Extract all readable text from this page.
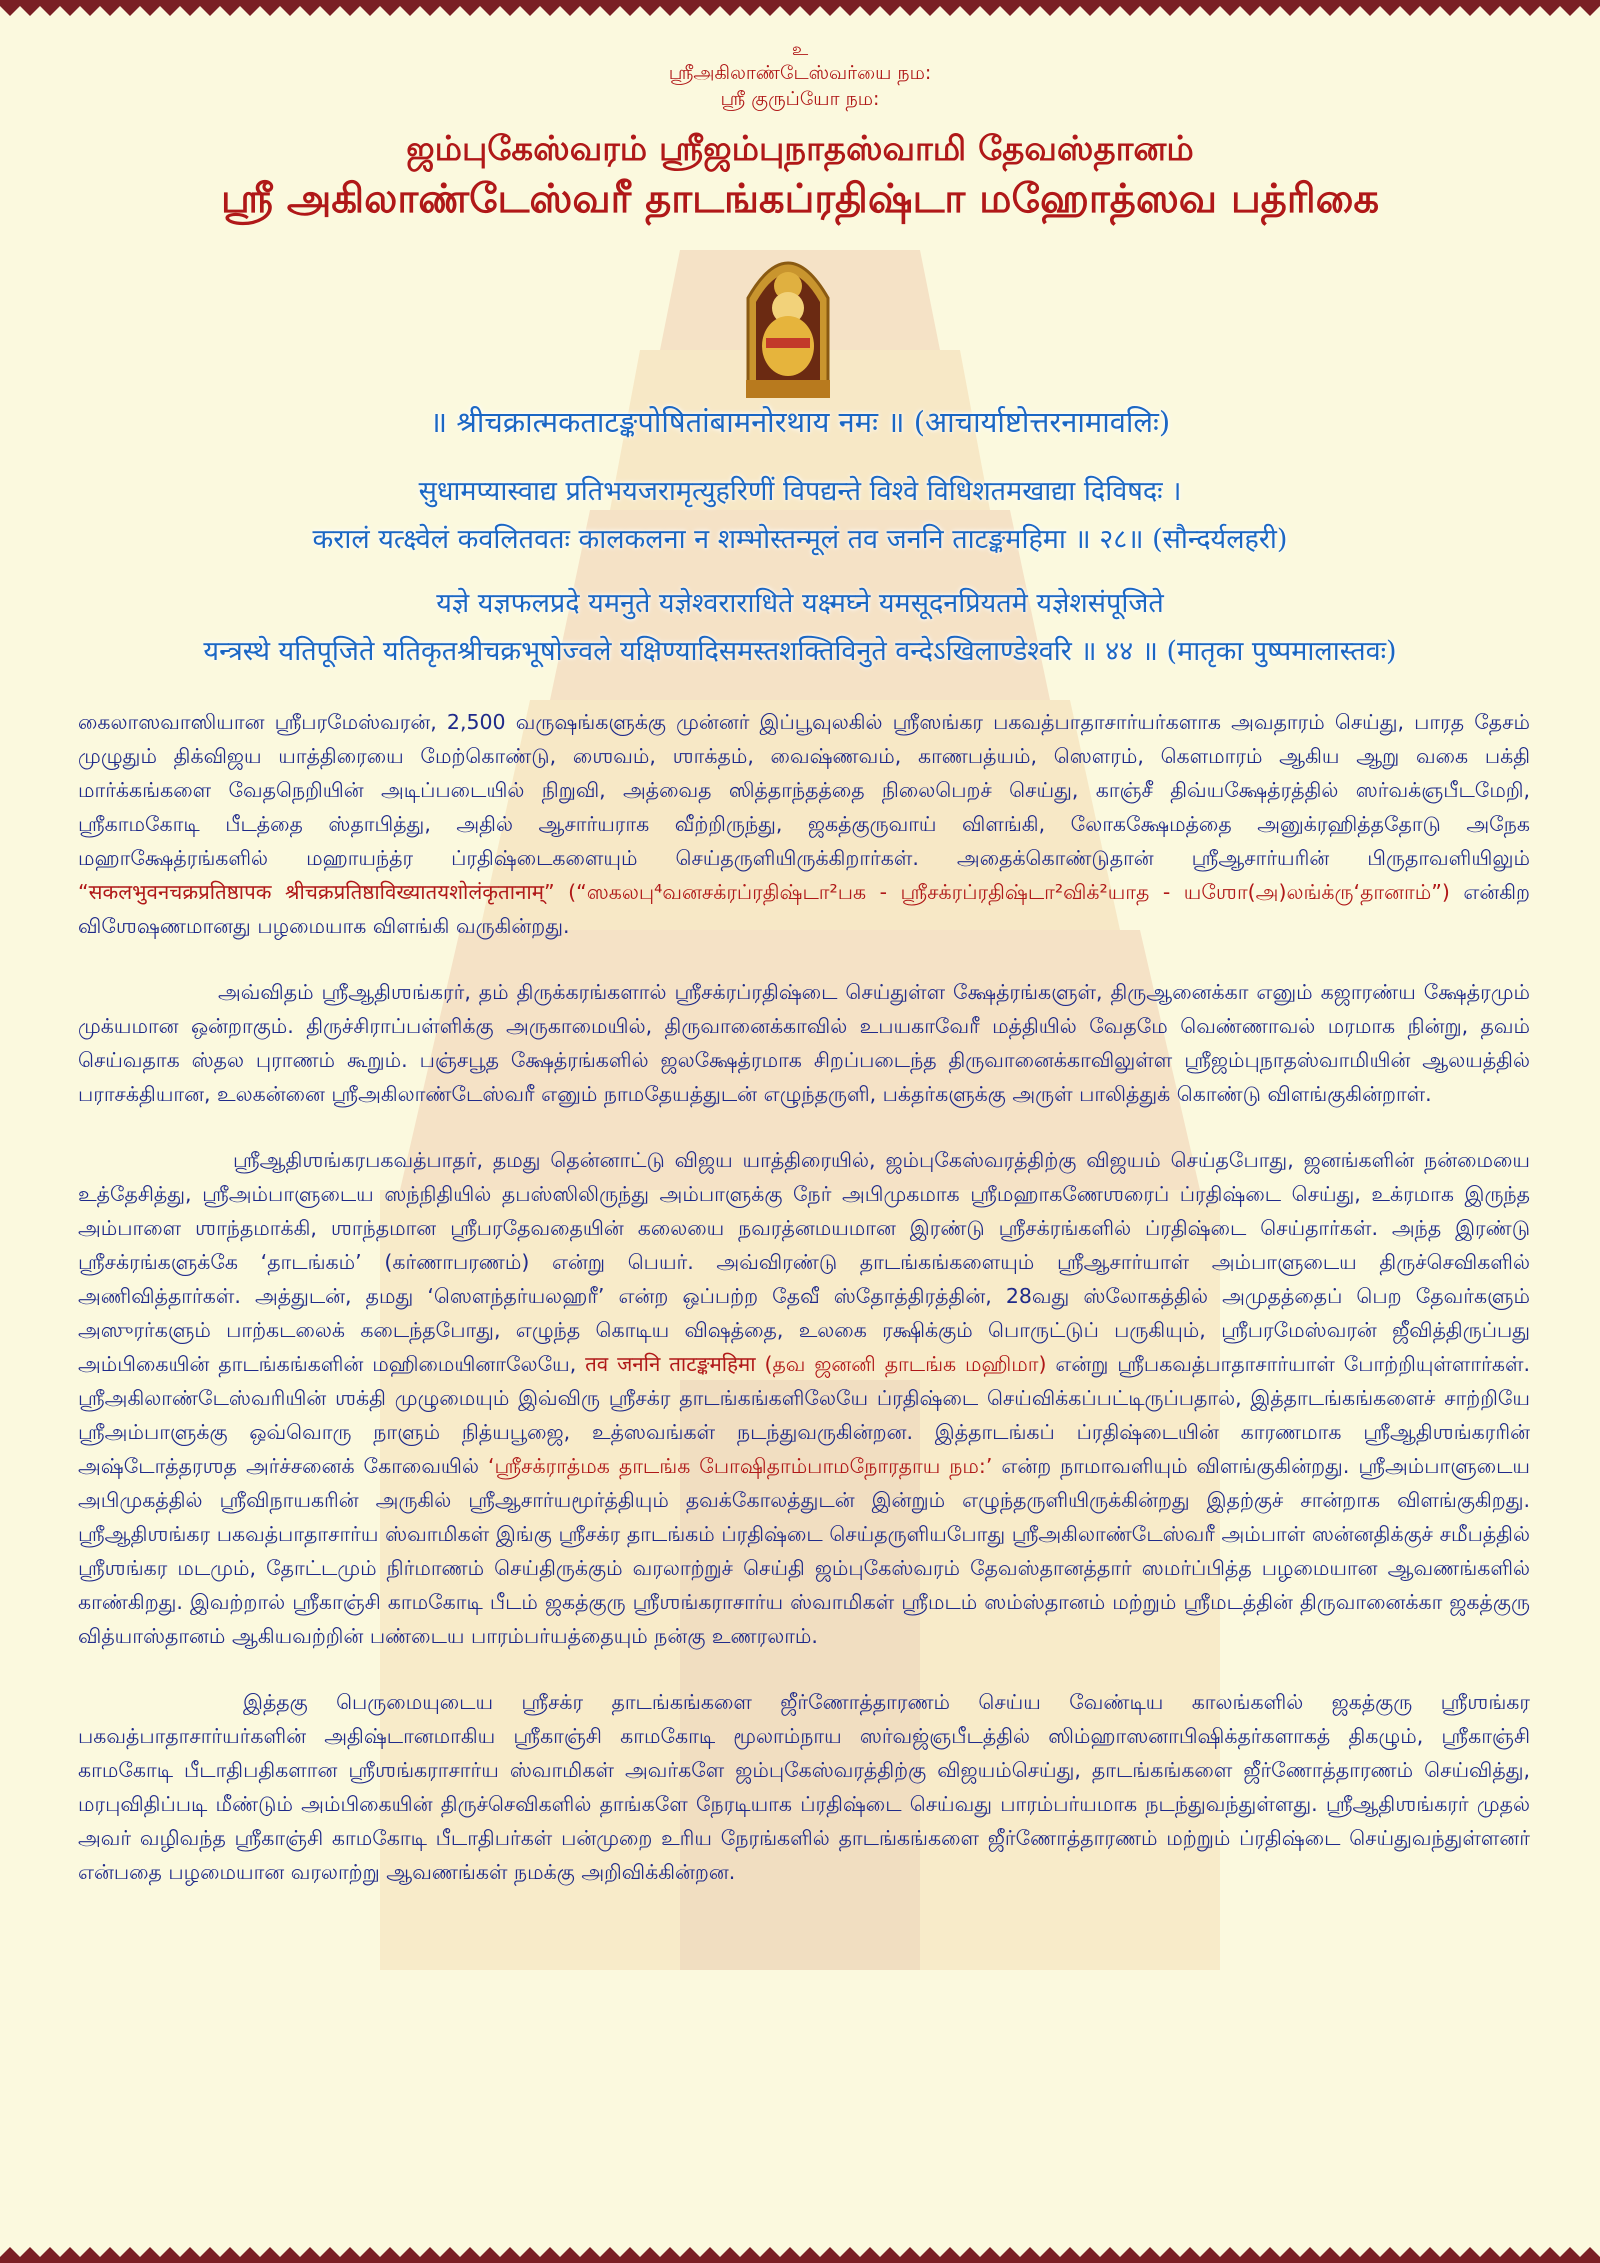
உ
ஸ்ரீஅகிலாண்டேஸ்வர்யை நம:
ஸ்ரீ குருப்யோ நம:
ஜம்புகேஸ்வரம் ஸ்ரீஜம்புநாதஸ்வாமி தேவஸ்தானம்
ஸ்ரீ அகிலாண்டேஸ்வரீ தாடங்கப்ரதிஷ்டா மஹோத்ஸவ பத்ரிகை
॥ श्रीचक्रात्मकताटङ्कपोषितांबामनोरथाय नमः ॥ (आचार्याष्टोत्तरनामावलिः)
सुधामप्यास्वाद्य प्रतिभयजरामृत्युहरिणीं विपद्यन्ते विश्वे विधिशतमखाद्या दिविषदः ।
करालं यत्क्ष्वेलं कवलितवतः कालकलना न शम्भोस्तन्मूलं तव जननि ताटङ्कमहिमा ॥ २८॥ (सौन्दर्यलहरी)
यज्ञे यज्ञफलप्रदे यमनुते यज्ञेश्वराराधिते यक्ष्मघ्ने यमसूदनप्रियतमे यज्ञेशसंपूजिते
यन्त्रस्थे यतिपूजिते यतिकृतश्रीचक्रभूषोज्वले यक्षिण्यादिसमस्तशक्तिविनुते वन्देऽखिलाण्डेश्वरि ॥ ४४ ॥ (मातृका पुष्पमालास्तवः)

கைலாஸவாஸியான ஸ்ரீபரமேஸ்வரன், 2,500 வருஷங்களுக்கு முன்னர் இப்பூவுலகில் ஸ்ரீஸங்கர பகவத்பாதாசார்யர்களாக அவதாரம் செய்து, பாரத தேசம் முழுதும் திக்விஜய யாத்திரையை மேற்கொண்டு, ஶைவம், ஶாக்தம், வைஷ்ணவம், காணபத்யம், ஸௌரம், கௌமாரம் ஆகிய ஆறு வகை பக்தி மார்க்கங்களை வேதநெறியின் அடிப்படையில் நிறுவி, அத்வைத ஸித்தாந்தத்தை நிலைபெறச் செய்து, காஞ்சீ திவ்யக்ஷேத்ரத்தில் ஸர்வக்ஞபீடமேறி, ஸ்ரீகாமகோடி பீடத்தை ஸ்தாபித்து, அதில் ஆசார்யராக வீற்றிருந்து, ஜகத்குருவாய் விளங்கி, லோகக்ஷேமத்தை அனுக்ரஹித்ததோடு அநேக மஹாக்ஷேத்ரங்களில் மஹாயந்த்ர ப்ரதிஷ்டைகளையும் செய்தருளியிருக்கிறார்கள். அதைக்கொண்டுதான் ஸ்ரீஆசார்யரின் பிருதாவளியிலும் “सकलभुवनचक्रप्रतिष्ठापक श्रीचक्रप्रतिष्ठाविख्यातयशोलंकृतानाम्” (“ஸகலபு⁴வனசக்ரப்ரதிஷ்டா²பக - ஸ்ரீசக்ரப்ரதிஷ்டா²விக்²யாத - யஶோ(அ)லங்க்ரு‘தானாம்”) என்கிற விஶேஷணமானது பழமையாக விளங்கி வருகின்றது.

அவ்விதம் ஸ்ரீஆதிஶங்கரர், தம் திருக்கரங்களால் ஸ்ரீசக்ரப்ரதிஷ்டை செய்துள்ள க்ஷேத்ரங்களுள், திருஆனைக்கா எனும் கஜாரண்ய க்ஷேத்ரமும் முக்யமான ஒன்றாகும். திருச்சிராப்பள்ளிக்கு அருகாமையில், திருவானைக்காவில் உபயகாவேரீ மத்தியில் வேதமே வெண்ணாவல் மரமாக நின்று, தவம் செய்வதாக ஸ்தல புராணம் கூறும். பஞ்சபூத க்ஷேத்ரங்களில் ஜலக்ஷேத்ரமாக சிறப்படைந்த திருவானைக்காவிலுள்ள ஸ்ரீஜம்புநாதஸ்வாமியின் ஆலயத்தில் பராசக்தியான, உலகன்னை ஸ்ரீஅகிலாண்டேஸ்வரீ எனும் நாமதேயத்துடன் எழுந்தருளி, பக்தர்களுக்கு அருள் பாலித்துக் கொண்டு விளங்குகின்றாள்.

ஸ்ரீஆதிஶங்கரபகவத்பாதர், தமது தென்னாட்டு விஜய யாத்திரையில், ஜம்புகேஸ்வரத்திற்கு விஜயம் செய்தபோது, ஜனங்களின் நன்மையை உத்தேசித்து, ஸ்ரீஅம்பாளுடைய ஸந்நிதியில் தபஸ்ஸிலிருந்து அம்பாளுக்கு நேர் அபிமுகமாக ஸ்ரீமஹாகணேஶரைப் ப்ரதிஷ்டை செய்து, உக்ரமாக இருந்த அம்பாளை ஶாந்தமாக்கி, ஶாந்தமான ஸ்ரீபரதேவதையின் கலையை நவரத்னமயமான இரண்டு ஸ்ரீசக்ரங்களில் ப்ரதிஷ்டை செய்தார்கள். அந்த இரண்டு ஸ்ரீசக்ரங்களுக்கே ‘தாடங்கம்’ (கர்ணாபரணம்) என்று பெயர். அவ்விரண்டு தாடங்கங்களையும் ஸ்ரீஆசார்யாள் அம்பாளுடைய திருச்செவிகளில் அணிவித்தார்கள். அத்துடன், தமது ‘ஸௌந்தர்யலஹரீ’ என்ற ஒப்பற்ற தேவீ ஸ்தோத்திரத்தின், 28வது ஸ்லோகத்தில் அமுதத்தைப் பெற தேவர்களும் அஸுரர்களும் பாற்கடலைக் கடைந்தபோது, எழுந்த கொடிய விஷத்தை, உலகை ரக்ஷிக்கும் பொருட்டுப் பருகியும், ஸ்ரீபரமேஸ்வரன் ஜீவித்திருப்பது அம்பிகையின் தாடங்கங்களின் மஹிமையினாலேயே, तव जननि ताटङ्कमहिमा (தவ ஜனனி தாடங்க மஹிமா) என்று ஸ்ரீபகவத்பாதாசார்யாள் போற்றியுள்ளார்கள். ஸ்ரீஅகிலாண்டேஸ்வரியின் ஶக்தி முழுமையும் இவ்விரு ஸ்ரீசக்ர தாடங்கங்களிலேயே ப்ரதிஷ்டை செய்விக்கப்பட்டிருப்பதால், இத்தாடங்கங்களைச் சாற்றியே ஸ்ரீஅம்பாளுக்கு ஒவ்வொரு நாளும் நித்யபூஜை, உத்ஸவங்கள் நடந்துவருகின்றன. இத்தாடங்கப் ப்ரதிஷ்டையின் காரணமாக ஸ்ரீஆதிஶங்கரரின் அஷ்டோத்தரஶத அர்ச்சனைக் கோவையில் ‘ஸ்ரீசக்ராத்மக தாடங்க போஷிதாம்பாமநோரதாய நம:’ என்ற நாமாவளியும் விளங்குகின்றது. ஸ்ரீஅம்பாளுடைய அபிமுகத்தில் ஸ்ரீவிநாயகரின் அருகில் ஸ்ரீஆசார்யமூர்த்தியும் தவக்கோலத்துடன் இன்றும் எழுந்தருளியிருக்கின்றது இதற்குச் சான்றாக விளங்குகிறது. ஸ்ரீஆதிஶங்கர பகவத்பாதாசார்ய ஸ்வாமிகள் இங்கு ஸ்ரீசக்ர தாடங்கம் ப்ரதிஷ்டை செய்தருளியபோது ஸ்ரீஅகிலாண்டேஸ்வரீ அம்பாள் ஸன்னதிக்குச் சமீபத்தில் ஸ்ரீஶங்கர மடமும், தோட்டமும் நிர்மாணம் செய்திருக்கும் வரலாற்றுச் செய்தி ஜம்புகேஸ்வரம் தேவஸ்தானத்தார் ஸமர்ப்பித்த பழமையான ஆவணங்களில் காண்கிறது. இவற்றால் ஸ்ரீகாஞ்சி காமகோடி பீடம் ஜகத்குரு ஸ்ரீஶங்கராசார்ய ஸ்வாமிகள் ஸ்ரீமடம் ஸம்ஸ்தானம் மற்றும் ஸ்ரீமடத்தின் திருவானைக்கா ஜகத்குரு வித்யாஸ்தானம் ஆகியவற்றின் பண்டைய பாரம்பர்யத்தையும் நன்கு உணரலாம்.

இத்தகு பெருமையுடைய ஸ்ரீசக்ர தாடங்கங்களை ஜீர்ணோத்தாரணம் செய்ய வேண்டிய காலங்களில் ஜகத்குரு ஸ்ரீஶங்கர பகவத்பாதாசார்யர்களின் அதிஷ்டானமாகிய ஸ்ரீகாஞ்சி காமகோடி மூலாம்நாய ஸர்வஜ்ஞபீடத்தில் ஸிம்ஹாஸனாபிஷிக்தர்களாகத் திகழும், ஸ்ரீகாஞ்சி காமகோடி பீடாதிபதிகளான ஸ்ரீஶங்கராசார்ய ஸ்வாமிகள் அவர்களே ஜம்புகேஸ்வரத்திற்கு விஜயம்செய்து, தாடங்கங்களை ஜீர்ணோத்தாரணம் செய்வித்து, மரபுவிதிப்படி மீண்டும் அம்பிகையின் திருச்செவிகளில் தாங்களே நேரடியாக ப்ரதிஷ்டை செய்வது பாரம்பர்யமாக நடந்துவந்துள்ளது. ஸ்ரீஆதிஶங்கரர் முதல் அவர் வழிவந்த ஸ்ரீகாஞ்சி காமகோடி பீடாதிபர்கள் பன்முறை உரிய நேரங்களில் தாடங்கங்களை ஜீர்ணோத்தாரணம் மற்றும் ப்ரதிஷ்டை செய்துவந்துள்ளனர் என்பதை பழமையான வரலாற்று ஆவணங்கள் நமக்கு அறிவிக்கின்றன.
